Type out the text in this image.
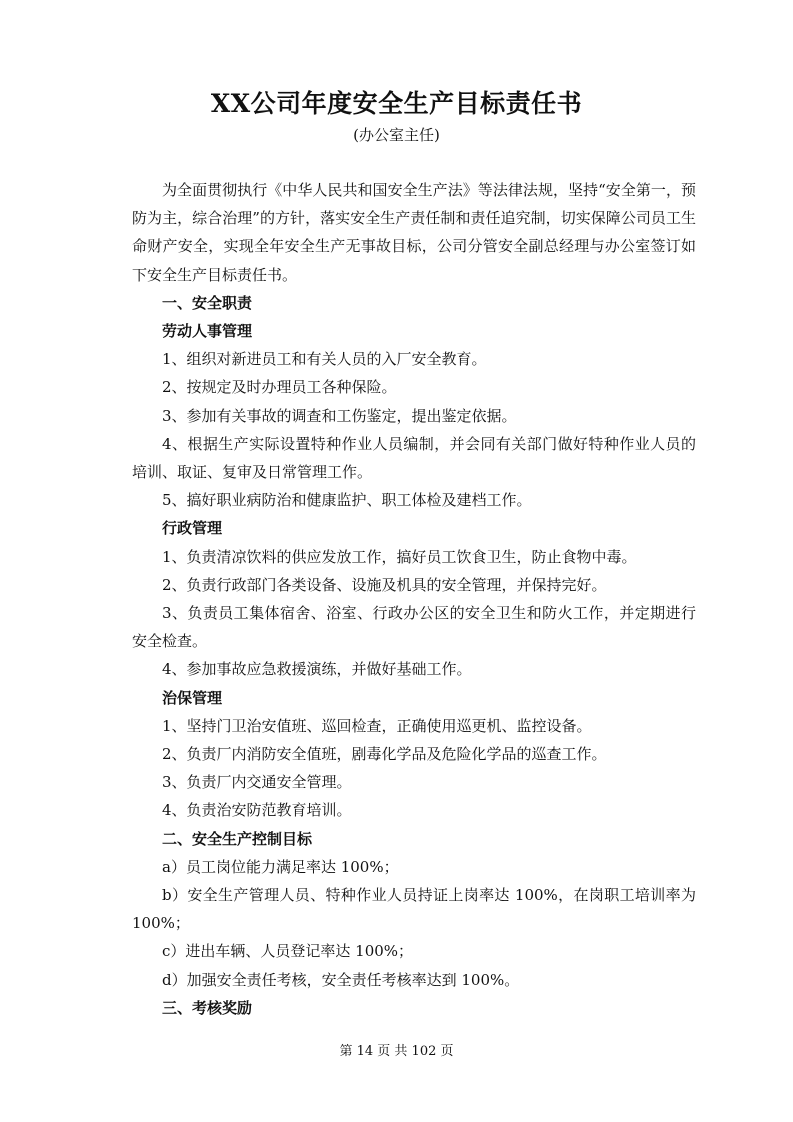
XX公司年度安全生产目标责任书
(办公室主任)

为全面贯彻执行《中华人民共和国安全生产法》等法律法规，坚持“安全第一，预防为主，综合治理”的方针，落实安全生产责任制和责任追究制，切实保障公司员工生命财产安全，实现全年安全生产无事故目标，公司分管安全副总经理与办公室签订如下安全生产目标责任书。

一、安全职责

劳动人事管理

1、组织对新进员工和有关人员的入厂安全教育。

2、按规定及时办理员工各种保险。

3、参加有关事故的调查和工伤鉴定，提出鉴定依据。

4、根据生产实际设置特种作业人员编制，并会同有关部门做好特种作业人员的培训、取证、复审及日常管理工作。

5、搞好职业病防治和健康监护、职工体检及建档工作。

行政管理

1、负责清凉饮料的供应发放工作，搞好员工饮食卫生，防止食物中毒。

2、负责行政部门各类设备、设施及机具的安全管理，并保持完好。

3、负责员工集体宿舍、浴室、行政办公区的安全卫生和防火工作，并定期进行安全检查。

4、参加事故应急救援演练，并做好基础工作。

治保管理

1、坚持门卫治安值班、巡回检查，正确使用巡更机、监控设备。

2、负责厂内消防安全值班，剧毒化学品及危险化学品的巡查工作。

3、负责厂内交通安全管理。

4、负责治安防范教育培训。

二、安全生产控制目标

a）员工岗位能力满足率达 100%；

b）安全生产管理人员、特种作业人员持证上岗率达 100%，在岗职工培训率为 100%；

c）进出车辆、人员登记率达 100%；

d）加强安全责任考核，安全责任考核率达到 100%。

三、考核奖励

第 14 页 共 102 页
